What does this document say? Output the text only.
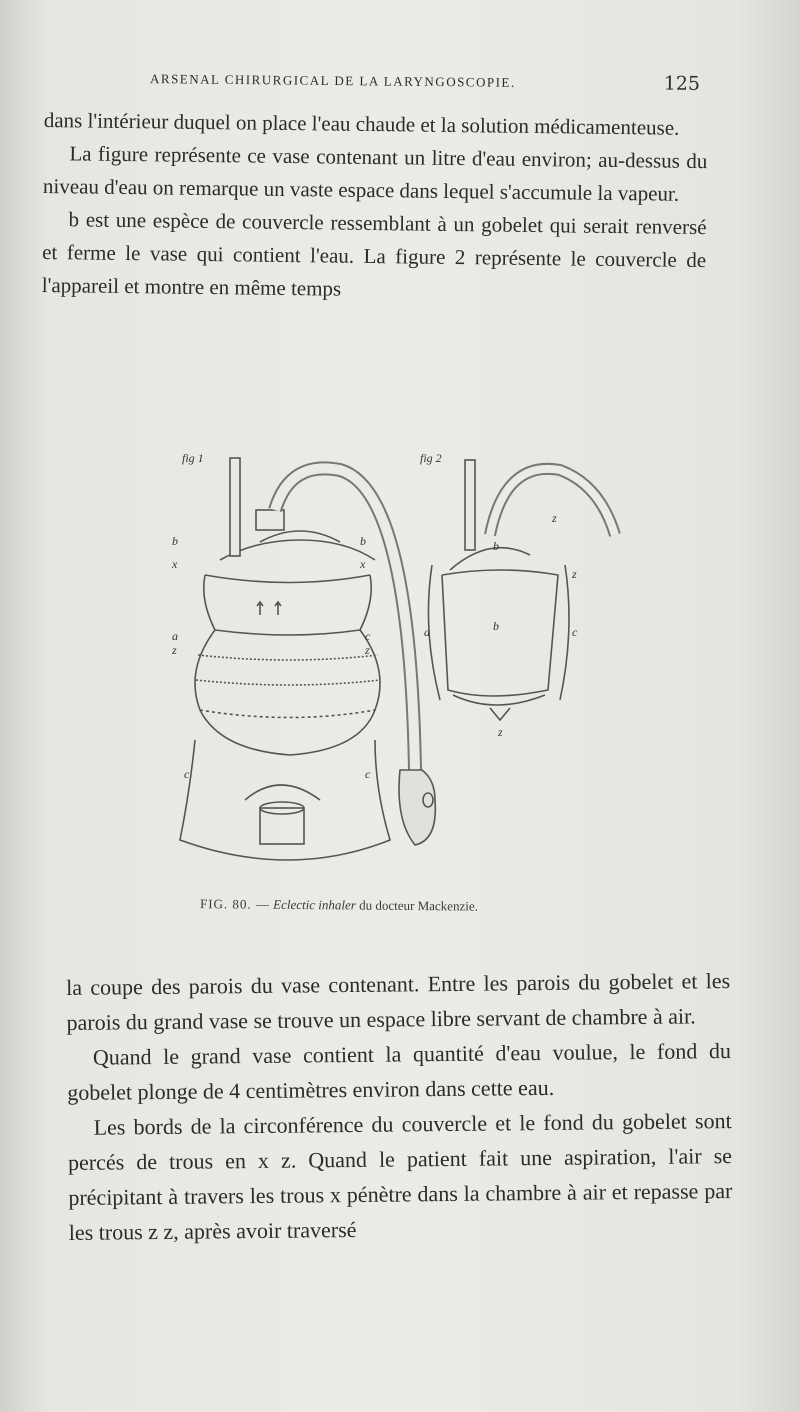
ARSENAL CHIRURGICAL DE LA LARYNGOSCOPIE.	125

dans l'intérieur duquel on place l'eau chaude et la solution médicamenteuse.

La figure représente ce vase contenant un litre d'eau environ; au-dessus du niveau d'eau on remarque un vaste espace dans lequel s'accumule la vapeur.

b est une espèce de couvercle ressemblant à un gobelet qui serait renversé et ferme le vase qui contient l'eau. La figure 2 représente le couvercle de l'appareil et montre en même temps

fig 1	fig 2
b	b
x	x
a	c
z	z
c	c
b
b
a	c
z
z
z
FIG. 80. — Eclectic inhaler du docteur Mackenzie.

la coupe des parois du vase contenant. Entre les parois du gobelet et les parois du grand vase se trouve un espace libre servant de chambre à air.

Quand le grand vase contient la quantité d'eau voulue, le fond du gobelet plonge de 4 centimètres environ dans cette eau.

Les bords de la circonférence du couvercle et le fond du gobelet sont percés de trous en x z. Quand le patient fait une aspiration, l'air se précipitant à travers les trous x pénètre dans la chambre à air et repasse par les trous z z, après avoir traversé
